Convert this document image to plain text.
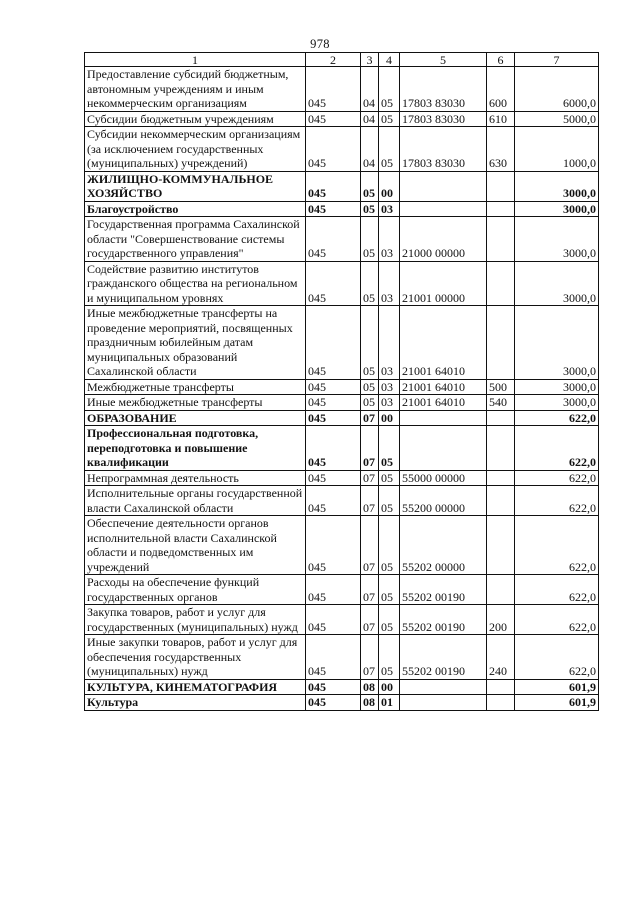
978
1	2	3	4	5	6	7
Предоставление субсидий бюджетным, автономным учреждениям и иным некоммерческим организациям	045	04	05	17803 83030	600	6000,0
Субсидии бюджетным учреждениям	045	04	05	17803 83030	610	5000,0
Субсидии некоммерческим организациям (за исключением государственных (муниципальных) учреждений)	045	04	05	17803 83030	630	1000,0
ЖИЛИЩНО-КОММУНАЛЬНОЕ ХОЗЯЙСТВО	045	05	00			3000,0
Благоустройство	045	05	03			3000,0
Государственная программа Сахалинской области "Совершенствование системы государственного управления"	045	05	03	21000 00000		3000,0
Содействие развитию институтов гражданского общества на региональном и муниципальном уровнях	045	05	03	21001 00000		3000,0
Иные межбюджетные трансферты на проведение мероприятий, посвященных праздничным юбилейным датам муниципальных образований Сахалинской области	045	05	03	21001 64010		3000,0
Межбюджетные трансферты	045	05	03	21001 64010	500	3000,0
Иные межбюджетные трансферты	045	05	03	21001 64010	540	3000,0
ОБРАЗОВАНИЕ	045	07	00			622,0
Профессиональная подготовка, переподготовка и повышение квалификации	045	07	05			622,0
Непрограммная деятельность	045	07	05	55000 00000		622,0
Исполнительные органы государственной власти Сахалинской области	045	07	05	55200 00000		622,0
Обеспечение деятельности органов исполнительной власти Сахалинской области и подведомственных им учреждений	045	07	05	55202 00000		622,0
Расходы на обеспечение функций государственных органов	045	07	05	55202 00190		622,0
Закупка товаров, работ и услуг для государственных (муниципальных) нужд	045	07	05	55202 00190	200	622,0
Иные закупки товаров, работ и услуг для обеспечения государственных (муниципальных) нужд	045	07	05	55202 00190	240	622,0
КУЛЬТУРА, КИНЕМАТОГРАФИЯ	045	08	00			601,9
Культура	045	08	01			601,9
